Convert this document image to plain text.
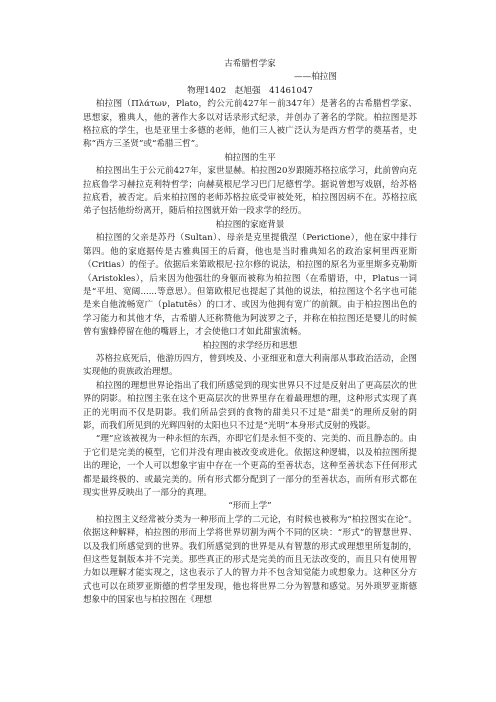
古希腊哲学家

——柏拉图

物理1402　赵旭强　41461047

柏拉图（Πλάτων，Plato，约公元前427年－前347年）是著名的古希腊哲学家、思想家，雅典人，他的著作大多以对话录形式纪录，并创办了著名的学院。柏拉图是苏格拉底的学生，也是亚里士多德的老师，他们三人被广泛认为是西方哲学的奠基者，史称“西方三圣贤”或“希腊三哲”。

柏拉图的生平

柏拉图出生于公元前427年，家世显赫。柏拉图20岁跟随苏格拉底学习，此前曾向克拉底鲁学习赫拉克利特哲学；向赫莫根尼学习巴门尼德哲学。据说曾想写戏剧，给苏格拉底看，被否定。后来柏拉图的老师苏格拉底受审被处死，柏拉图因病不在。苏格拉底弟子包括他纷纷离开，随后柏拉图就开始一段求学的经历。

柏拉图的家庭背景

柏拉图的父亲是苏丹（Sultan）、母亲是克里提俄涅（Perictione），他在家中排行第四。他的家庭据传是古雅典国王的后裔，他也是当时雅典知名的政治家柯里西亚斯（Critias）的侄子。依据后来第欧根尼·拉尔修的说法，柏拉图的原名为亚里斯多克勒斯（Aristokles），后来因为他强壮的身躯而被称为柏拉图（在希腊语，中，Platus一词是“平坦、宽阔......等意思）。但第欧根尼也提起了其他的说法，柏拉图这个名字也可能是来自他流畅宽广（platutēs）的口才、或因为他拥有宽广的前额。由于柏拉图出色的学习能力和其他才华，古希腊人还称赞他为阿波罗之子，并称在柏拉图还是婴儿的时候曾有蜜蜂停留在他的嘴唇上，才会使他口才如此甜蜜流畅。

柏拉图的求学经历和思想

苏格拉底死后，他游历四方，曾到埃及、小亚细亚和意大利南部从事政治活动，企图实现他的贵族政治理想。

柏拉图的理想世界论指出了我们所感觉到的现实世界只不过是反射出了更高层次的世界的阴影。柏拉图主张在这个更高层次的世界里存在着最理想的理，这种形式实现了真正的光明而不仅是阴影。我们所品尝到的食物的甜美只不过是“甜美”的理所反射的阴影，而我们所见到的光辉四射的太阳也只不过是“光明”本身形式反射的残影。

“理”应该被视为一种永恒的东西，亦即它们是永恒不变的、完美的、而且静态的。由于它们是完美的模型，它们并没有理由被改变或进化。依据这种逻辑，以及柏拉图所提出的理论，一个人可以想象宇宙中存在一个更高的至善状态，这种至善状态下任何形式都是最终极的、或最完美的。所有形式都分配到了一部分的至善状态，而所有形式都在现实世界反映出了一部分的真理。

“形而上学”

柏拉图主义经常被分类为一种形而上学的二元论，有时候也被称为“柏拉图实在论”。依据这种解释，柏拉图的形而上学将世界切割为两个不同的区块：“形式”的智慧世界、以及我们所感觉到的世界。我们所感觉到的世界是从有智慧的形式或理想里所复制的，但这些复制版本并不完美。那些真正的形式是完美的而且无法改变的，而且只有使用智力如以理解才能实现之，这也表示了人的智力并不包含知觉能力或想象力。这种区分方式也可以在琐罗亚斯德的哲学里发现，他也将世界二分为智慧和感觉。另外琐罗亚斯德想象中的国家也与柏拉图在《理想
